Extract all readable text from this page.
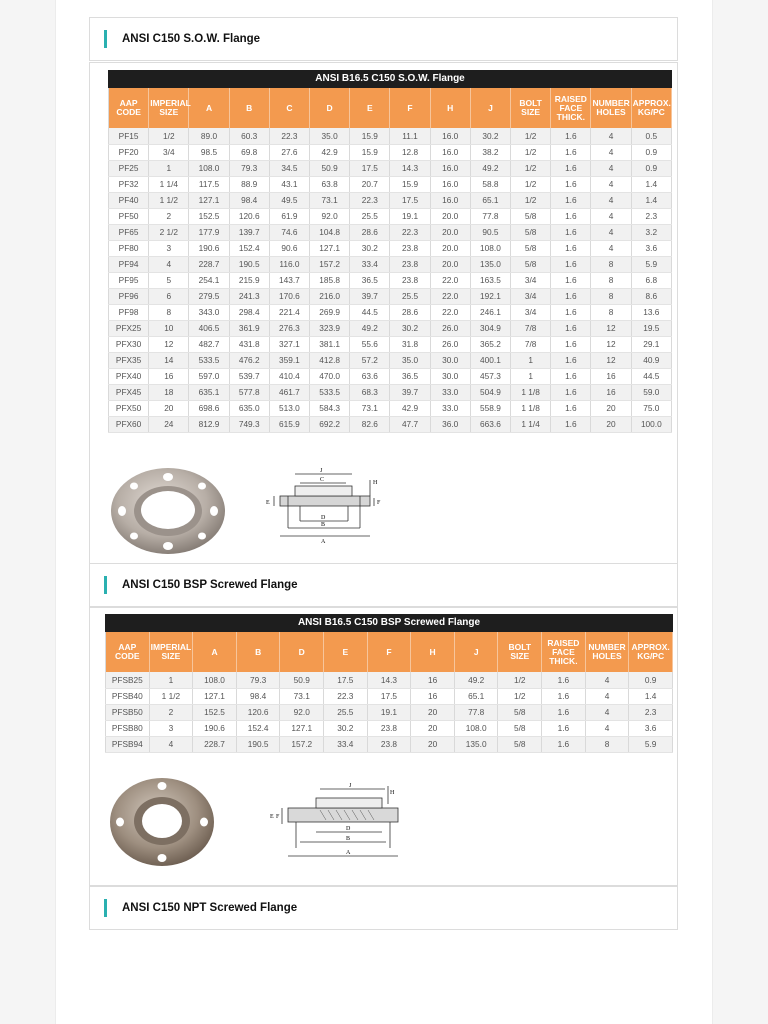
ANSI C150 S.O.W. Flange
ANSI B16.5 C150 S.O.W. Flange
AAP CODE	IMPERIAL SIZE	A	B	C	D	E	F	H	J	BOLT SIZE	RAISED FACE THICK.	NUMBER HOLES	APPROX. KG/PC
PF15	1/2	89.0	60.3	22.3	35.0	15.9	11.1	16.0	30.2	1/2	1.6	4	0.5
PF20	3/4	98.5	69.8	27.6	42.9	15.9	12.8	16.0	38.2	1/2	1.6	4	0.9
PF25	1	108.0	79.3	34.5	50.9	17.5	14.3	16.0	49.2	1/2	1.6	4	0.9
PF32	1 1/4	117.5	88.9	43.1	63.8	20.7	15.9	16.0	58.8	1/2	1.6	4	1.4
PF40	1 1/2	127.1	98.4	49.5	73.1	22.3	17.5	16.0	65.1	1/2	1.6	4	1.4
PF50	2	152.5	120.6	61.9	92.0	25.5	19.1	20.0	77.8	5/8	1.6	4	2.3
PF65	2 1/2	177.9	139.7	74.6	104.8	28.6	22.3	20.0	90.5	5/8	1.6	4	3.2
PF80	3	190.6	152.4	90.6	127.1	30.2	23.8	20.0	108.0	5/8	1.6	4	3.6
PF94	4	228.7	190.5	116.0	157.2	33.4	23.8	20.0	135.0	5/8	1.6	8	5.9
PF95	5	254.1	215.9	143.7	185.8	36.5	23.8	22.0	163.5	3/4	1.6	8	6.8
PF96	6	279.5	241.3	170.6	216.0	39.7	25.5	22.0	192.1	3/4	1.6	8	8.6
PF98	8	343.0	298.4	221.4	269.9	44.5	28.6	22.0	246.1	3/4	1.6	8	13.6
PFX25	10	406.5	361.9	276.3	323.9	49.2	30.2	26.0	304.9	7/8	1.6	12	19.5
PFX30	12	482.7	431.8	327.1	381.1	55.6	31.8	26.0	365.2	7/8	1.6	12	29.1
PFX35	14	533.5	476.2	359.1	412.8	57.2	35.0	30.0	400.1	1	1.6	12	40.9
PFX40	16	597.0	539.7	410.4	470.0	63.6	36.5	30.0	457.3	1	1.6	16	44.5
PFX45	18	635.1	577.8	461.7	533.5	68.3	39.7	33.0	504.9	1 1/8	1.6	16	59.0
PFX50	20	698.6	635.0	513.0	584.3	73.1	42.9	33.0	558.9	1 1/8	1.6	20	75.0
PFX60	24	812.9	749.3	615.9	692.2	82.6	47.7	36.0	663.6	1 1/4	1.6	20	100.0
J
C	H
E	F
D
B
A
ANSI C150 BSP Screwed Flange
ANSI B16.5 C150 BSP Screwed Flange
AAP CODE	IMPERIAL SIZE	A	B	D	E	F	H	J	BOLT SIZE	RAISED FACE THICK.	NUMBER HOLES	APPROX. KG/PC
PFSB25	1	108.0	79.3	50.9	17.5	14.3	16	49.2	1/2	1.6	4	0.9
PFSB40	1 1/2	127.1	98.4	73.1	22.3	17.5	16	65.1	1/2	1.6	4	1.4
PFSB50	2	152.5	120.6	92.0	25.5	19.1	20	77.8	5/8	1.6	4	2.3
PFSB80	3	190.6	152.4	127.1	30.2	23.8	20	108.0	5/8	1.6	4	3.6
PFSB94	4	228.7	190.5	157.2	33.4	23.8	20	135.0	5/8	1.6	8	5.9
J
H
E F
D
B
A
ANSI C150 NPT Screwed Flange
